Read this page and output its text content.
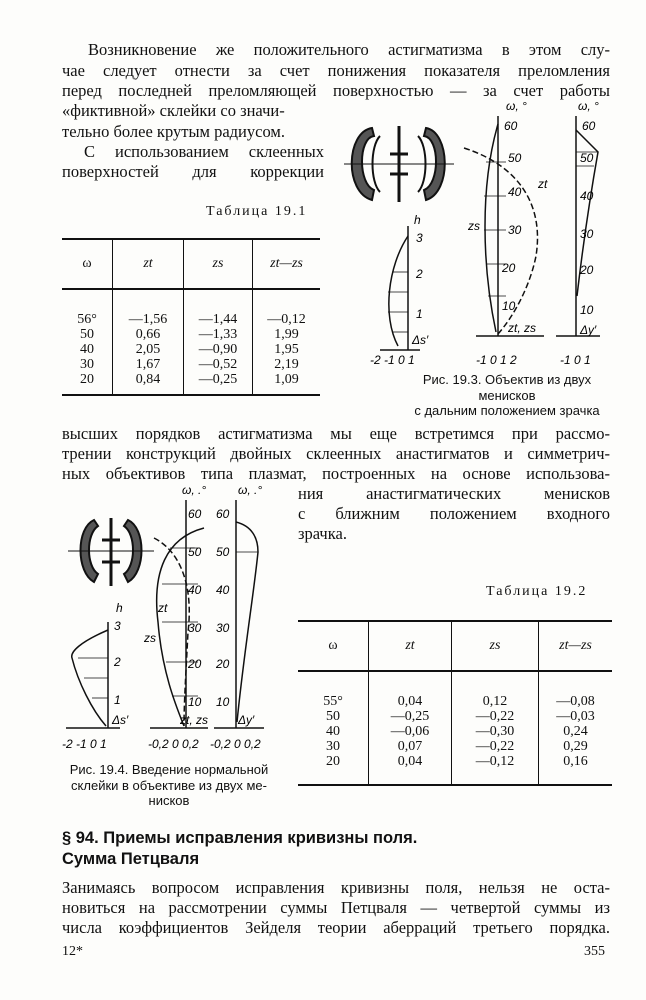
Возникновение же положительного астигматизма в этом слу-
чае следует отнести за счет понижения показателя преломления
перед последней преломляющей поверхностью — за счет работы
«фиктивной» склейки со значи-
тельно более крутым радиусом.
С использованием склеенных
поверхностей для коррекции
Таблица 19.1
ω	zt	zs	zt—zs

56°	—1,56	—1,44	—0,12
50	0,66	—1,33	1,99
40	2,05	—0,90	1,95
30	1,67	—0,52	2,19
20	0,84	—0,25	1,09
h
3
2
1
Δs′
-2 -1 0 1
ω, °
60
50
40
30
20
10
zt
zs
zt, zs
-1 0 1 2
ω, °
60
50
40
30
20
10
Δy′
-1 0 1
Рис. 19.3. Объектив из двух менисков
с дальним положением зрачка
высших порядков астигматизма мы еще встретимся при рассмо-
трении конструкций двойных склеенных анастигматов и симметрич-
ных объективов типа плазмат, построенных на основе использова-
ния анастигматических менисков
с ближним положением входного
зрачка.
h
3
2
1
Δs′
-2 -1 0 1
ω, .°
60
50
40
30
20
10
zt
zs
zt, zs
-0,2 0 0,2
ω, .°
60
50
40
30
20
10
Δy′
-0,2 0 0,2
Рис. 19.4. Введение нормальной
склейки в объективе из двух ме-
нисков
Таблица 19.2
ω	zt	zs	zt—zs

55°	0,04	0,12	—0,08
50	—0,25	—0,22	—0,03
40	—0,06	—0,30	0,24
30	0,07	—0,22	0,29
20	0,04	—0,12	0,16
§ 94. Приемы исправления кривизны поля.
Сумма Петцваля
Занимаясь вопросом исправления кривизны поля, нельзя не оста-
новиться на рассмотрении суммы Петцваля — четвертой суммы из
числа коэффициентов Зейделя теории аберраций третьего порядка.
12*	355
